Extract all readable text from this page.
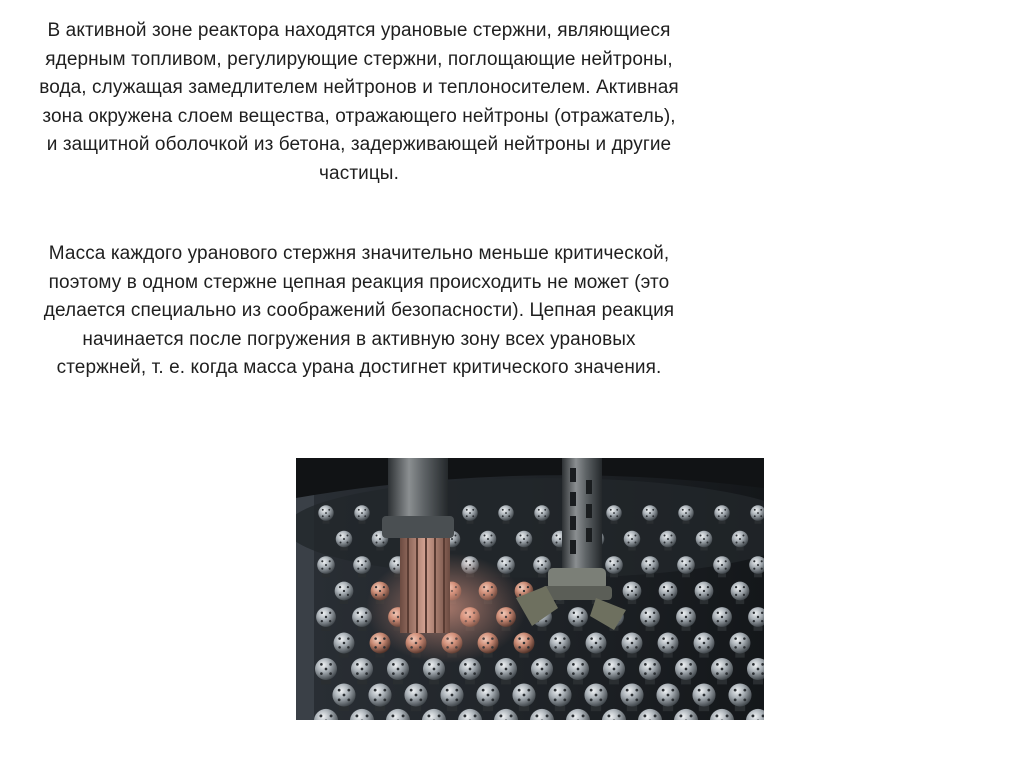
В активной зоне реактора находятся урановые стержни, являющиеся
ядерным топливом, регулирующие стержни, поглощающие нейтроны,
вода, служащая замедлителем нейтронов и теплоносителем. Активная
зона окружена слоем вещества, отражающего нейтроны (отражатель),
и защитной оболочкой из бетона, задерживающей нейтроны и другие
частицы.
Масса каждого уранового стержня значительно меньше критической,
поэтому в одном стержне цепная реакция происходить не может (это
делается специально из соображений безопасности). Цепная реакция
начинается после погружения в активную зону всех урановых
стержней, т. е. когда масса урана достигнет критического значения.
